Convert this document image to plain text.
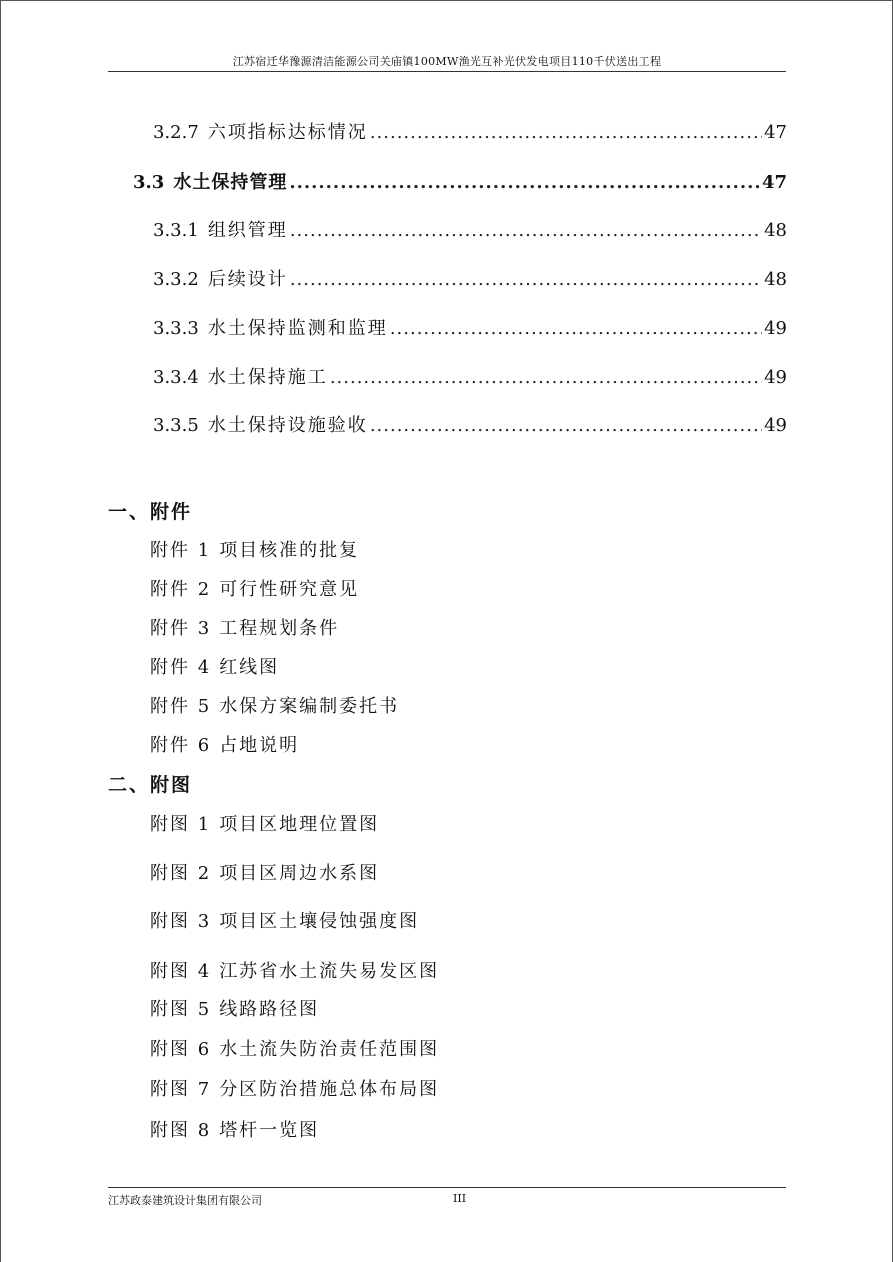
江苏宿迁华豫源清洁能源公司关庙镇100MW渔光互补光伏发电项目110千伏送出工程
3.2.7 六项指标达标情况 .....	47
3.3 水土保持管理 .....	47
3.3.1 组织管理 .....	48
3.3.2 后续设计 .....	48
3.3.3 水土保持监测和监理 .....	49
3.3.4 水土保持施工 .....	49
3.3.5 水土保持设施验收 .....	49
一、附件
附件 1 项目核准的批复
附件 2 可行性研究意见
附件 3 工程规划条件
附件 4 红线图
附件 5 水保方案编制委托书
附件 6 占地说明
二、附图
附图 1 项目区地理位置图
附图 2 项目区周边水系图
附图 3 项目区土壤侵蚀强度图
附图 4 江苏省水土流失易发区图
附图 5 线路路径图
附图 6 水土流失防治责任范围图
附图 7 分区防治措施总体布局图
附图 8 塔杆一览图
江苏政泰建筑设计集团有限公司	III
